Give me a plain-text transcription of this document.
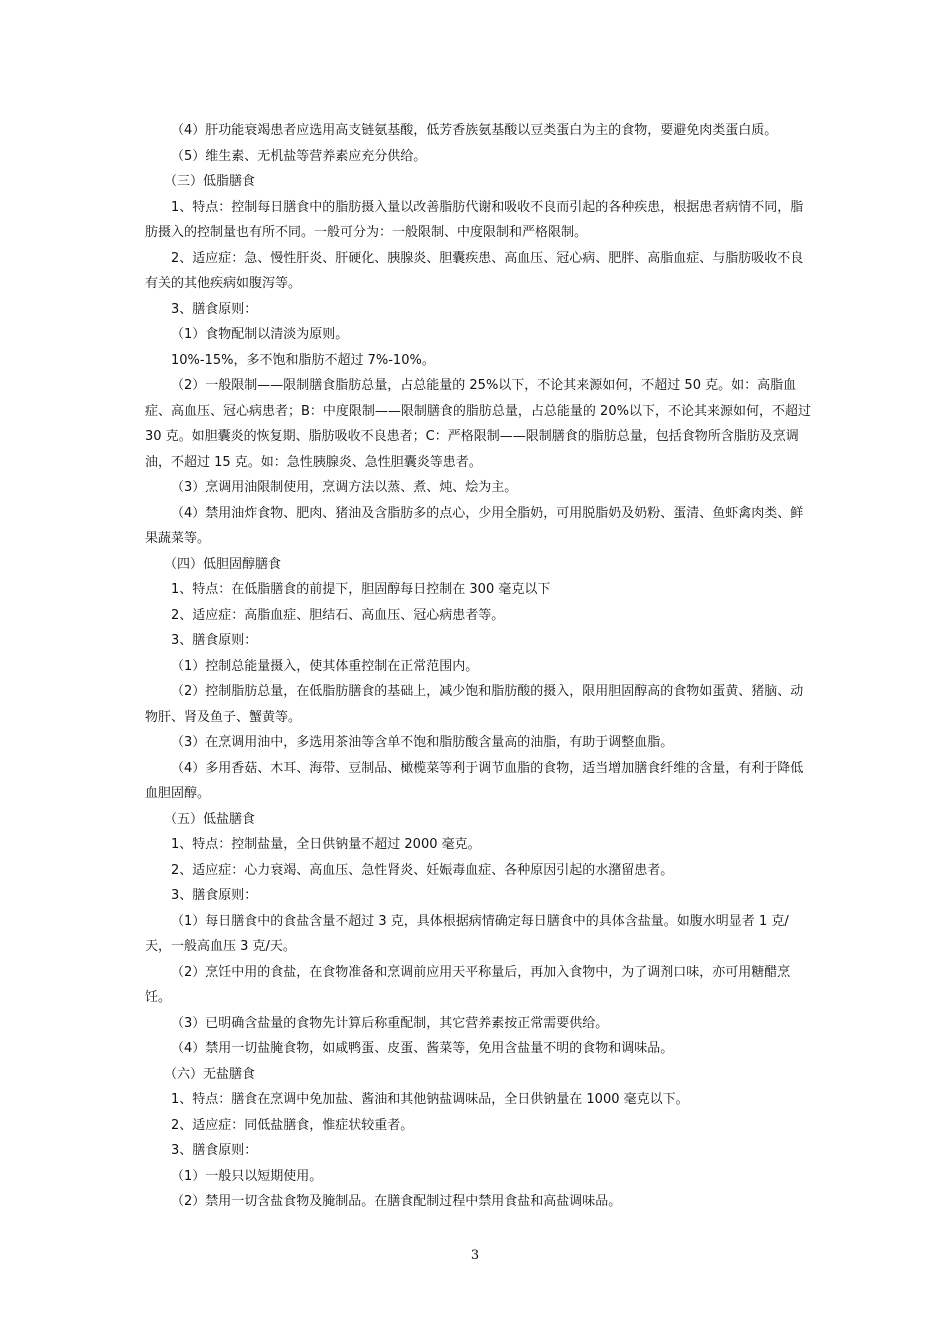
（4）肝功能衰竭患者应选用高支链氨基酸，低芳香族氨基酸以豆类蛋白为主的食物，要避免肉类蛋白质。

（5）维生素、无机盐等营养素应充分供给。

（三）低脂膳食

1、特点：控制每日膳食中的脂肪摄入量以改善脂肪代谢和吸收不良而引起的各种疾患，根据患者病情不同，脂肪摄入的控制量也有所不同。一般可分为：一般限制、中度限制和严格限制。

2、适应症：急、慢性肝炎、肝硬化、胰腺炎、胆囊疾患、高血压、冠心病、肥胖、高脂血症、与脂肪吸收不良有关的其他疾病如腹泻等。

3、膳食原则：

（1）食物配制以清淡为原则。

10%-15%，多不饱和脂肪不超过 7%-10%。

（2）一般限制——限制膳食脂肪总量，占总能量的 25%以下，不论其来源如何，不超过 50 克。如：高脂血症、高血压、冠心病患者；B：中度限制——限制膳食的脂肪总量，占总能量的 20%以下，不论其来源如何，不超过 30 克。如胆囊炎的恢复期、脂肪吸收不良患者；C：严格限制——限制膳食的脂肪总量，包括食物所含脂肪及烹调油，不超过 15 克。如：急性胰腺炎、急性胆囊炎等患者。

（3）烹调用油限制使用，烹调方法以蒸、煮、炖、烩为主。

（4）禁用油炸食物、肥肉、猪油及含脂肪多的点心，少用全脂奶，可用脱脂奶及奶粉、蛋清、鱼虾禽肉类、鲜果蔬菜等。

（四）低胆固醇膳食

1、特点：在低脂膳食的前提下，胆固醇每日控制在 300 毫克以下

2、适应症：高脂血症、胆结石、高血压、冠心病患者等。

3、膳食原则：

（1）控制总能量摄入，使其体重控制在正常范围内。

（2）控制脂肪总量，在低脂肪膳食的基础上，减少饱和脂肪酸的摄入，限用胆固醇高的食物如蛋黄、猪脑、动物肝、肾及鱼子、蟹黄等。

（3）在烹调用油中，多选用茶油等含单不饱和脂肪酸含量高的油脂，有助于调整血脂。

（4）多用香菇、木耳、海带、豆制品、橄榄菜等利于调节血脂的食物，适当增加膳食纤维的含量，有利于降低血胆固醇。

（五）低盐膳食

1、特点：控制盐量，全日供钠量不超过 2000 毫克。

2、适应症：心力衰竭、高血压、急性肾炎、妊娠毒血症、各种原因引起的水潴留患者。

3、膳食原则：

（1）每日膳食中的食盐含量不超过 3 克，具体根据病情确定每日膳食中的具体含盐量。如腹水明显者 1 克/天，一般高血压 3 克/天。

（2）烹饪中用的食盐，在食物准备和烹调前应用天平称量后，再加入食物中，为了调剂口味，亦可用糖醋烹饪。

（3）已明确含盐量的食物先计算后称重配制，其它营养素按正常需要供给。

（4）禁用一切盐腌食物，如咸鸭蛋、皮蛋、酱菜等，免用含盐量不明的食物和调味品。

（六）无盐膳食

1、特点：膳食在烹调中免加盐、酱油和其他钠盐调味品，全日供钠量在 1000 毫克以下。

2、适应症：同低盐膳食，惟症状较重者。

3、膳食原则：

（1）一般只以短期使用。

（2）禁用一切含盐食物及腌制品。在膳食配制过程中禁用食盐和高盐调味品。

3
